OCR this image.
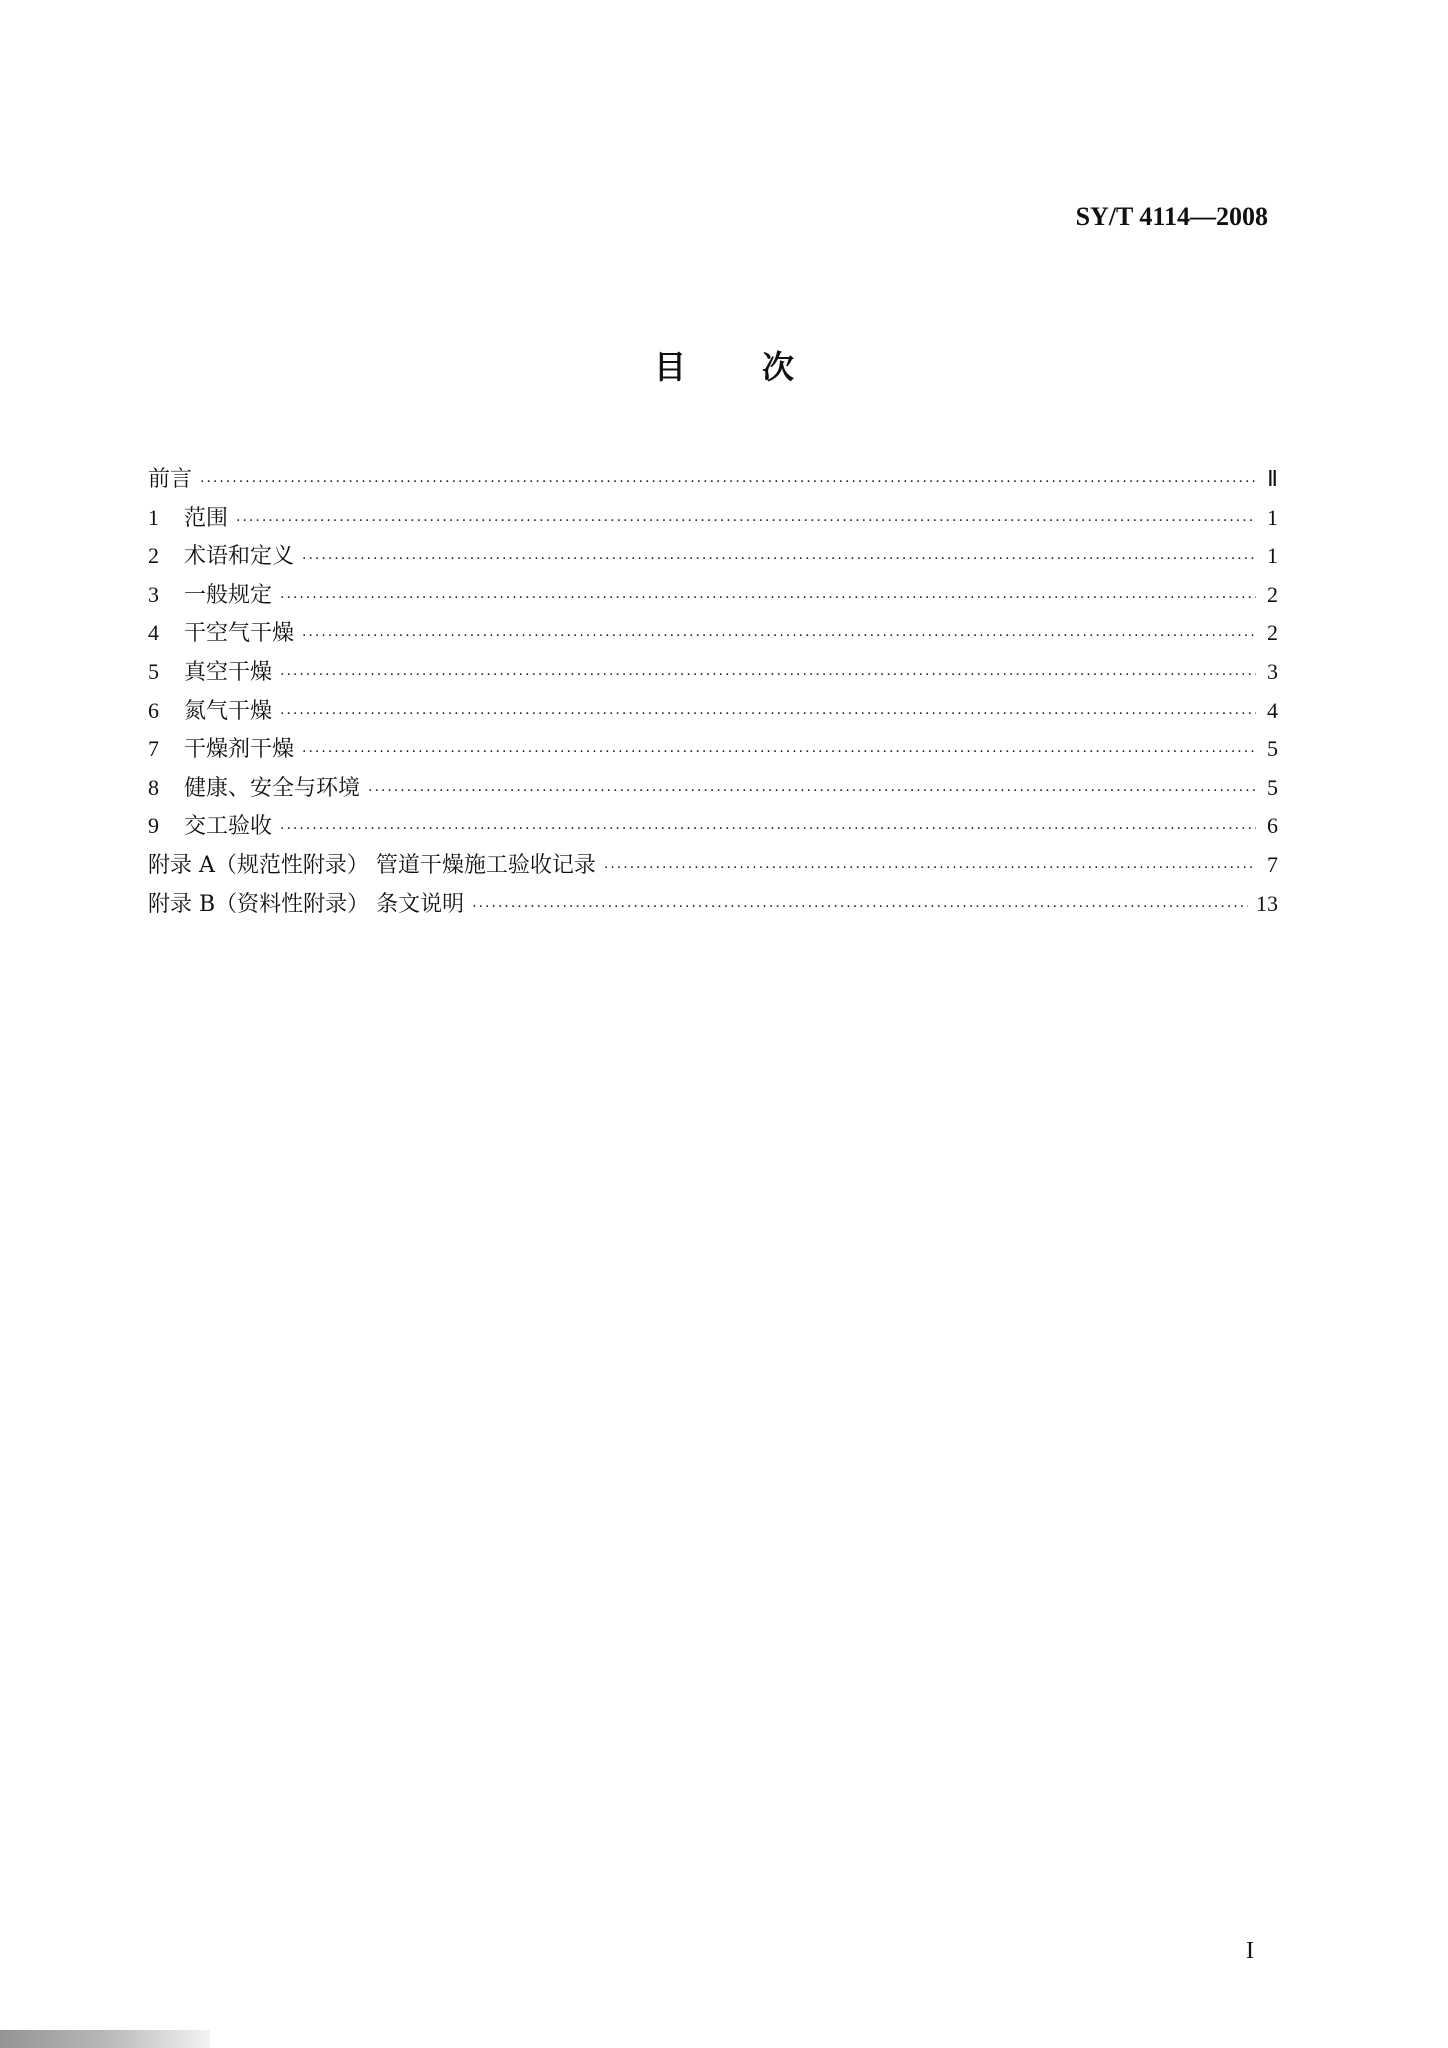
SY/T 4114—2008
目 次
前言 ·····	Ⅱ
1	范围 ·····	1
2	术语和定义 ·····	1
3	一般规定 ·····	2
4	干空气干燥 ·····	2
5	真空干燥 ·····	3
6	氮气干燥 ·····	4
7	干燥剂干燥 ·····	5
8	健康、安全与环境 ·····	5
9	交工验收 ·····	6
附录 A（规范性附录） 管道干燥施工验收记录 ·····	7
附录 B（资料性附录） 条文说明 ·····	13
I
